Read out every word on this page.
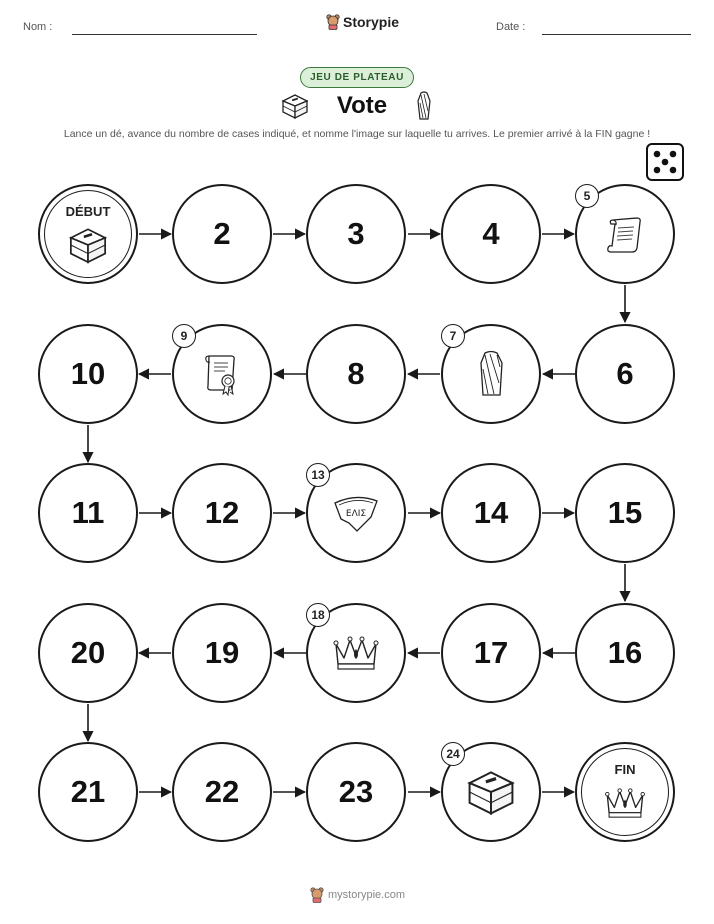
Nom :	Storypie	Date :
JEU DE PLATEAU
Vote
Lance un dé, avance du nombre de cases indiqué, et nomme l'image sur laquelle tu arrives. Le premier arrivé à la FIN gagne !
DÉBUT
2	3	4
5
10
9
8
7
6
11	12
13
ΕΛΙΣ	14	15
20	19
18
17	16
21	22	23
24
FIN
mystorypie.com
